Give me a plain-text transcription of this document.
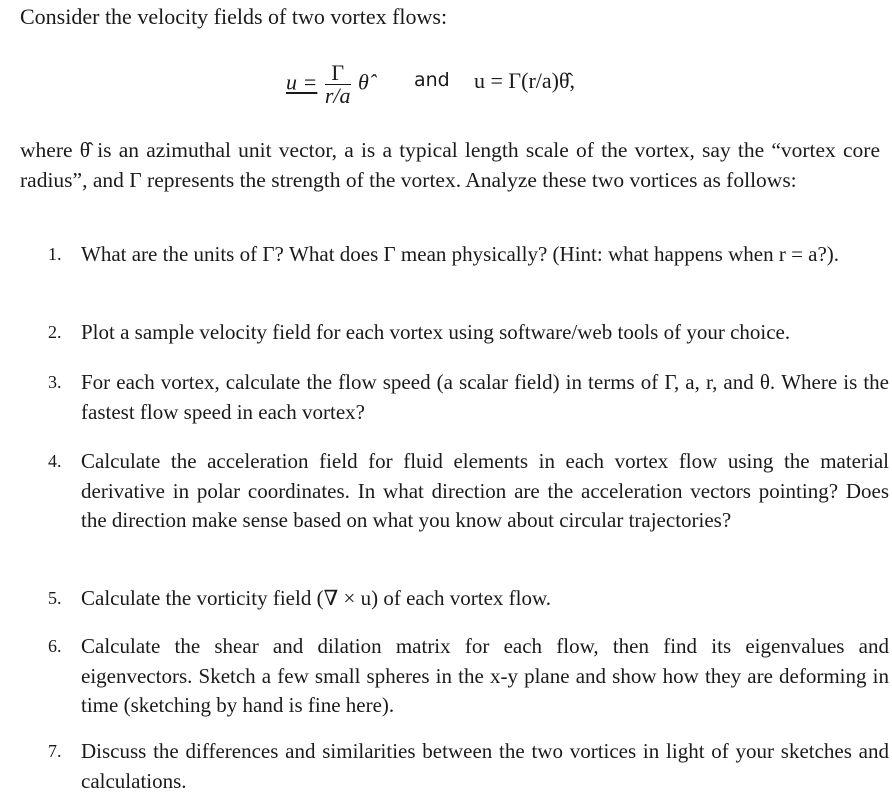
Consider the velocity fields of two vortex flows:
$u = \frac{\Gamma}{r/a}$ θ̂ and u = Γ(r/a)θ̂,
where θ̂ is an azimuthal unit vector, a is a typical length scale of the vortex, say the “vortex core radius”, and Γ represents the strength of the vortex. Analyze these two vortices as follows:
1. What are the units of Γ? What does Γ mean physically? (Hint: what happens when r = a?).
2. Plot a sample velocity field for each vortex using software/web tools of your choice.
3. For each vortex, calculate the flow speed (a scalar field) in terms of Γ, a, r, and θ. Where is the fastest flow speed in each vortex?
4. Calculate the acceleration field for fluid elements in each vortex flow using the material derivative in polar coordinates. In what direction are the acceleration vectors pointing? Does the direction make sense based on what you know about circular trajectories?
5. Calculate the vorticity field (∇ × u) of each vortex flow.
6. Calculate the shear and dilation matrix for each flow, then find its eigenvalues and eigenvectors. Sketch a few small spheres in the x-y plane and show how they are deforming in time (sketching by hand is fine here).
7. Discuss the differences and similarities between the two vortices in light of your sketches and calculations.
